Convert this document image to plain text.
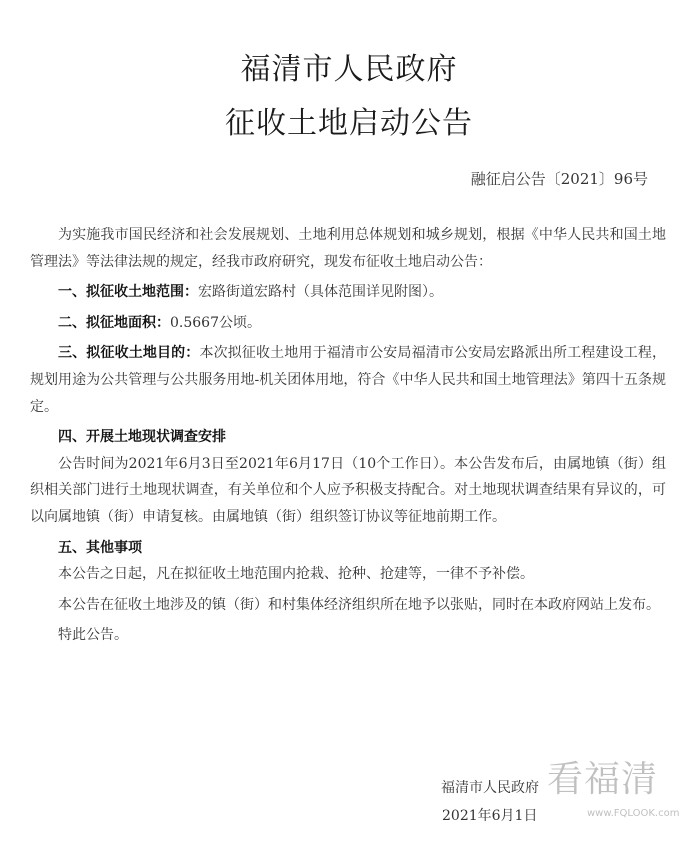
福清市人民政府
征收土地启动公告
融征启公告〔2021〕96号

为实施我市国民经济和社会发展规划、土地利用总体规划和城乡规划，根据《中华人民共和国土地管理法》等法律法规的规定，经我市政府研究，现发布征收土地启动公告：

一、拟征收土地范围：宏路街道宏路村（具体范围详见附图）。

二、拟征地面积：0.5667公顷。

三、拟征收土地目的：本次拟征收土地用于福清市公安局福清市公安局宏路派出所工程建设工程，规划用途为公共管理与公共服务用地-机关团体用地，符合《中华人民共和国土地管理法》第四十五条规定。

四、开展土地现状调查安排

公告时间为2021年6月3日至2021年6月17日（10个工作日）。本公告发布后，由属地镇（街）组织相关部门进行土地现状调查，有关单位和个人应予积极支持配合。对土地现状调查结果有异议的，可以向属地镇（街）申请复核。由属地镇（街）组织签订协议等征地前期工作。

五、其他事项

本公告之日起，凡在拟征收土地范围内抢栽、抢种、抢建等，一律不予补偿。

本公告在征收土地涉及的镇（街）和村集体经济组织所在地予以张贴，同时在本政府网站上发布。

特此公告。

福清市人民政府
2021年6月1日
看福清
www.FQLOOK.com
